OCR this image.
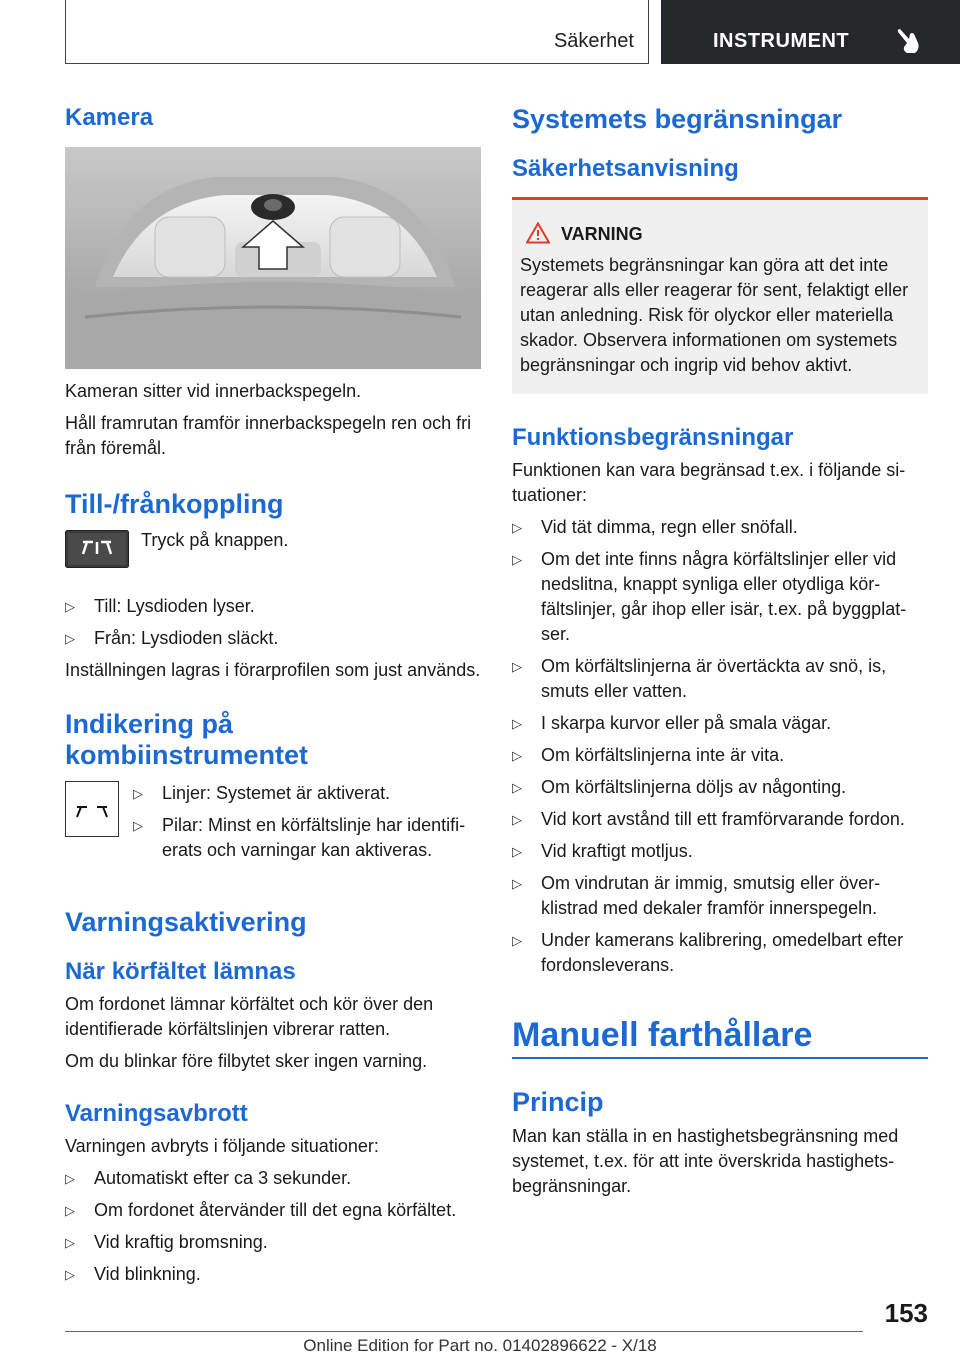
Säkerhet	INSTRUMENT
Kamera

Kameran sitter vid innerbackspegeln.

Håll framrutan framför innerbackspegeln ren och fri från föremål.

Till-/frånkoppling
Tryck på knappen.
▷ Till: Lysdioden lyser.
▷ Från: Lysdioden släckt.

Inställningen lagras i förarprofilen som just används.

Indikering på kombiinstrumentet
▷ Linjer: Systemet är aktiverat.
▷ Pilar: Minst en körfältslinje har identifierats och varningar kan aktiveras.
Varningsaktivering
När körfältet lämnas

Om fordonet lämnar körfältet och kör över den identifierade körfältslinjen vibrerar ratten.

Om du blinkar före filbytet sker ingen varning.

Varningsavbrott

Varningen avbryts i följande situationer:

▷ Automatiskt efter ca 3 sekunder.
▷ Om fordonet återvänder till det egna körfältet.
▷ Vid kraftig bromsning.
▷ Vid blinkning.
Systemets begränsningar
Säkerhetsanvisning
VARNING

Systemets begränsningar kan göra att det inte reagerar alls eller reagerar för sent, felaktigt eller utan anledning. Risk för olyckor eller materiella skador. Observera informationen om systemets begränsningar och ingrip vid behov aktivt.

Funktionsbegränsningar

Funktionen kan vara begränsad t.ex. i följande situationer:

▷ Vid tät dimma, regn eller snöfall.
▷ Om det inte finns några körfältslinjer eller vid nedslitna, knappt synliga eller otydliga körfältslinjer, går ihop eller isär, t.ex. på byggplatser.
▷ Om körfältslinjerna är övertäckta av snö, is, smuts eller vatten.
▷ I skarpa kurvor eller på smala vägar.
▷ Om körfältslinjerna inte är vita.
▷ Om körfältslinjerna döljs av någonting.
▷ Vid kort avstånd till ett framförvarande fordon.
▷ Vid kraftigt motljus.
▷ Om vindrutan är immig, smutsig eller överklistrad med dekaler framför innerspegeln.
▷ Under kamerans kalibrering, omedelbart efter fordonsleverans.
Manuell farthållare
Princip

Man kan ställa in en hastighetsbegränsning med systemet, t.ex. för att inte överskrida hastighetsbegränsningar.

153
Online Edition for Part no. 01402896622 - X/18
